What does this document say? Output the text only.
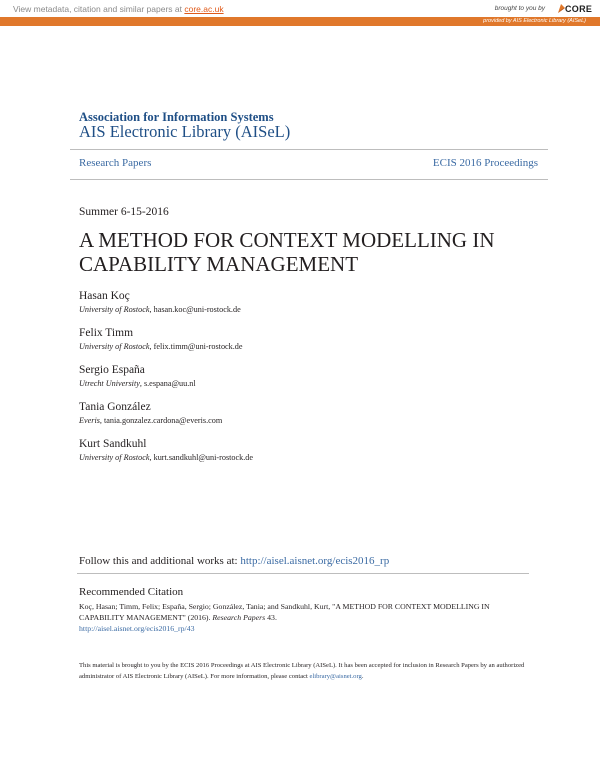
View metadata, citation and similar papers at core.ac.uk	brought to you by CORE
provided by AIS Electronic Library (AISeL)
Association for Information Systems
AIS Electronic Library (AISeL)
Research Papers	ECIS 2016 Proceedings
Summer 6-15-2016
A METHOD FOR CONTEXT MODELLING IN CAPABILITY MANAGEMENT
Hasan Koç
University of Rostock, hasan.koc@uni-rostock.de
Felix Timm
University of Rostock, felix.timm@uni-rostock.de
Sergio España
Utrecht University, s.espana@uu.nl
Tania González
Everis, tania.gonzalez.cardona@everis.com
Kurt Sandkuhl
University of Rostock, kurt.sandkuhl@uni-rostock.de
Follow this and additional works at: http://aisel.aisnet.org/ecis2016_rp
Recommended Citation
Koç, Hasan; Timm, Felix; España, Sergio; González, Tania; and Sandkuhl, Kurt, "A METHOD FOR CONTEXT MODELLING IN CAPABILITY MANAGEMENT" (2016). Research Papers 43.
http://aisel.aisnet.org/ecis2016_rp/43
This material is brought to you by the ECIS 2016 Proceedings at AIS Electronic Library (AISeL). It has been accepted for inclusion in Research Papers by an authorized administrator of AIS Electronic Library (AISeL). For more information, please contact elibrary@aisnet.org.
